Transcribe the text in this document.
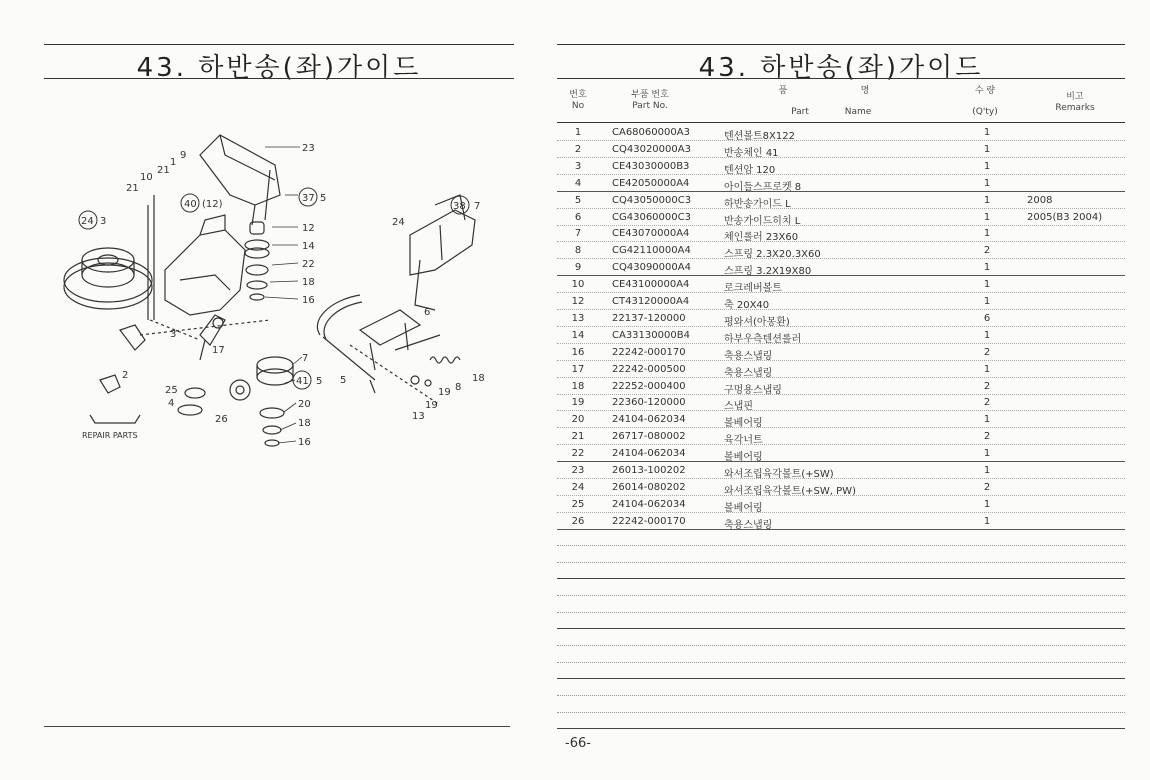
43. 하반송(좌)가이드
23
9
10
21
21
1
37 5
24 3
40 (12)
12
14
22
18
16
3
7
17
41 5
25
4
26
20
18
16
2
24
38 7
6
5
8
19
19
18
13
REPAIR PARTS
43. 하반송(좌)가이드
번호
No
부품 번호
Part No.
품	명
Part	Name
수 량
(Q'ty)
비고
Remarks
1	CA68060000A3	텐션볼트8X122	1
2	CQ43020000A3	반송체인 41	1
3	CE43030000B3	텐션암 120	1
4	CE42050000A4	아이들스프로켓 8	1
5	CQ43050000C3	하반송가이드 L	1	2008
6	CG43060000C3	반송가이드히치 L	1	2005(B3 2004)
7	CE43070000A4	체인롤러 23X60	1
8	CG42110000A4	스프링 2.3X20.3X60	2
9	CQ43090000A4	스프링 3.2X19X80	1
10	CE43100000A4	로크레버볼트	1
12	CT43120000A4	축 20X40	1
13	22137-120000	평와셔(아몽환)	6
14	CA33130000B4	하부우측텐션롤러	1
16	22242-000170	축용스냅링	2
17	22242-000500	축용스냅링	1
18	22252-000400	구멍용스냅링	2
19	22360-120000	스냅핀	2
20	24104-062034	볼베어링	1
21	26717-080002	육각너트	2
22	24104-062034	볼베어링	1
23	26013-100202	와셔조립육각볼트(+SW)	1
24	26014-080202	와셔조립육각볼트(+SW, PW)	2
25	24104-062034	볼베어링	1
26	22242-000170	축용스냅링	1
-66-
